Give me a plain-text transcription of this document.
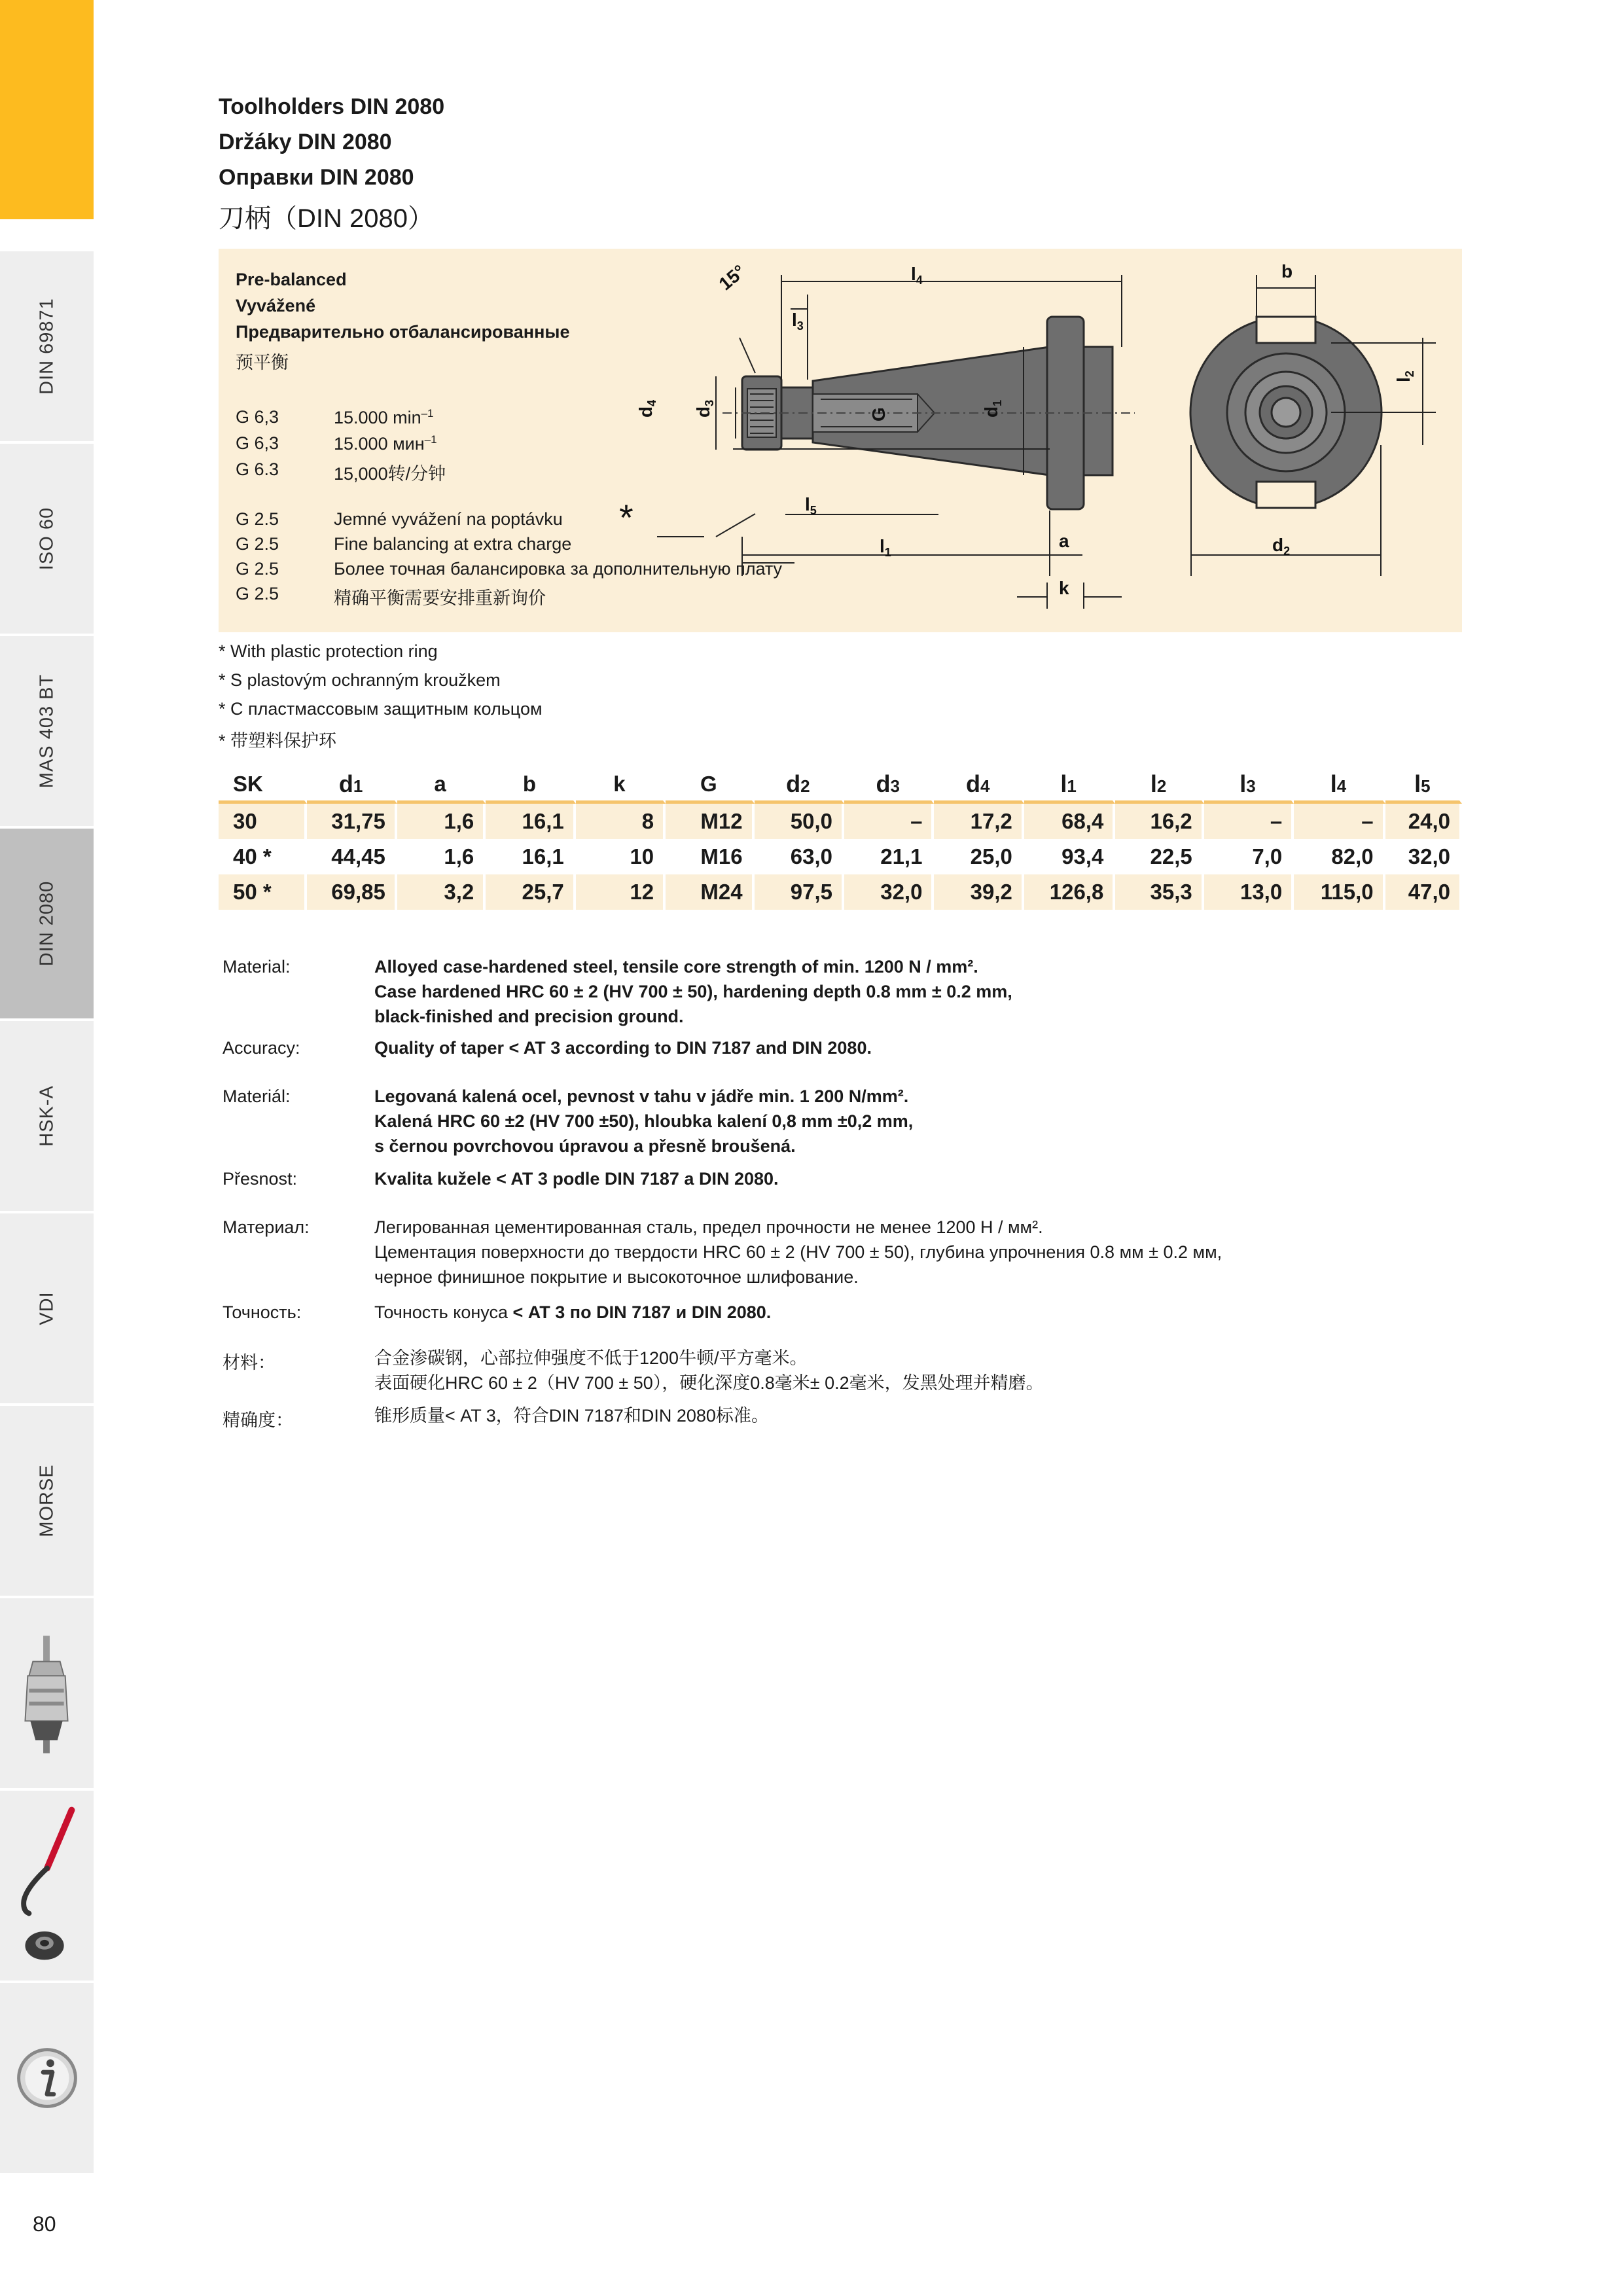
DIN 69871
ISO 60
MAS 403 BT
DIN 2080
HSK-A
VDI
MORSE
Toolholders DIN 2080
Držáky DIN 2080
Оправки DIN 2080
刀柄（DIN 2080）
Pre-balanced
Vyvážené
Предварительно отбалансированные
预平衡
G 6,3	15.000 $\min^{-1}$
G 6,3	15.000 мин$^{-1}$
G 6.3	15,000转/分钟
G 2.5	Jemné vyvážení na poptávku
G 2.5	Fine balancing at extra charge
G 2.5	Более точная балансировка за дополнительную плату
G 2.5	精确平衡需要安排重新询价
15°	$l_4$
$l_3$
$l_5$
$l_1$
a
k
b
$d_2$
G
$d_4$
$d_3$
$d_1$
$l_2$
*
* With plastic protection ring
* S plastovým ochranným kroužkem
* С пластмассовым защитным кольцом
* 带塑料保护环
SK	d1	a	b	k	G	d2	d3	d4	l1	l2	l3	l4	l5
30	31,75	1,6	16,1	8	M12	50,0	–	17,2	68,4	16,2	–	–	24,0
40 *	44,45	1,6	16,1	10	M16	63,0	21,1	25,0	93,4	22,5	7,0	82,0	32,0
50 *	69,85	3,2	25,7	12	M24	97,5	32,0	39,2	126,8	35,3	13,0	115,0	47,0
Material:	Alloyed case-hardened steel, tensile core strength of min. 1200 N / mm².
Case hardened HRC 60 ± 2 (HV 700 ± 50), hardening depth 0.8 mm ± 0.2 mm,
black-finished and precision ground.
Accuracy:	Quality of taper < AT 3 according to DIN 7187 and DIN 2080.
Materiál:	Legovaná kalená ocel, pevnost v tahu v jádře min. 1 200 N/mm².
Kalená HRC 60 ±2 (HV 700 ±50), hloubka kalení 0,8 mm ±0,2 mm,
s černou povrchovou úpravou a přesně broušená.
Přesnost:	Kvalita kužele < AT 3 podle DIN 7187 a DIN 2080.
Материал:	Легированная цементированная сталь, предел прочности не менее 1200 Н / мм².
Цементация поверхности до твердости HRC 60 ± 2 (HV 700 ± 50), глубина упрочнения 0.8 мм ± 0.2 мм,
черное финишное покрытие и высокоточное шлифование.
Точность:	Точность конуса < AT 3 по DIN 7187 и DIN 2080.
材料：	合金渗碳钢，心部拉伸强度不低于1200牛顿/平方毫米。
表面硬化HRC 60 ± 2（HV 700 ± 50），硬化深度0.8毫米± 0.2毫米，发黑处理并精磨。
精确度：	锥形质量< AT 3，符合DIN 7187和DIN 2080标准。
80
